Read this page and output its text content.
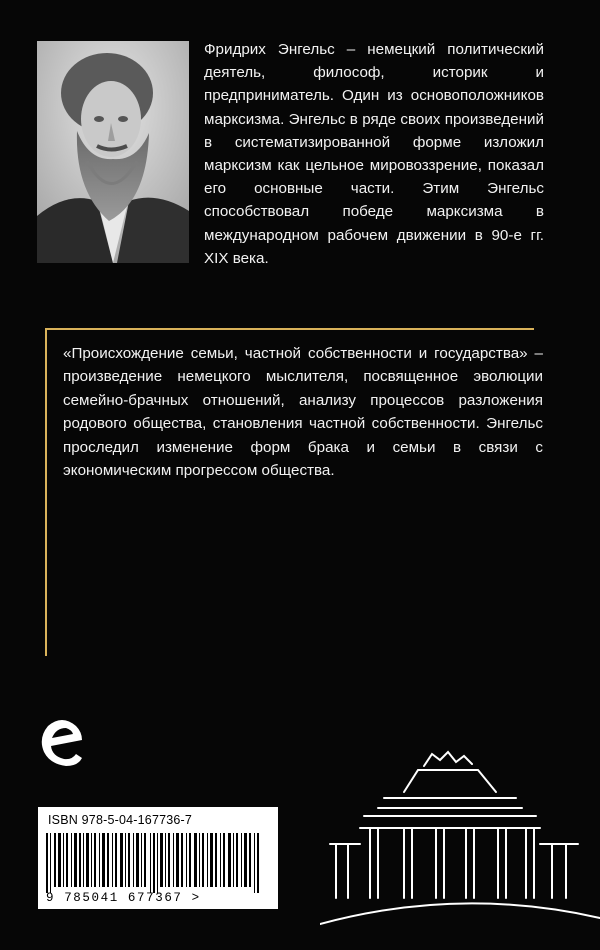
Фридрих Энгельс – немецкий политический деятель, философ, историк и предприниматель. Один из основоположников марксизма. Энгельс в ряде своих произведений в систематизированной форме изложил марксизм как цельное мировоззрение, показал его основные части. Этим Энгельс способствовал победе марксизма в международном рабочем движении в 90-е гг. XIX века.

«Происхождение семьи, частной собственности и государства» – произведение немецкого мыслителя, посвященное эволюции семейно-брачных отношений, анализу процессов разложения родового общества, становления частной собственности. Энгельс проследил изменение форм брака и семьи в связи с экономическим прогрессом общества.

ISBN 978-5-04-167736-7
9 785041 677367 >
